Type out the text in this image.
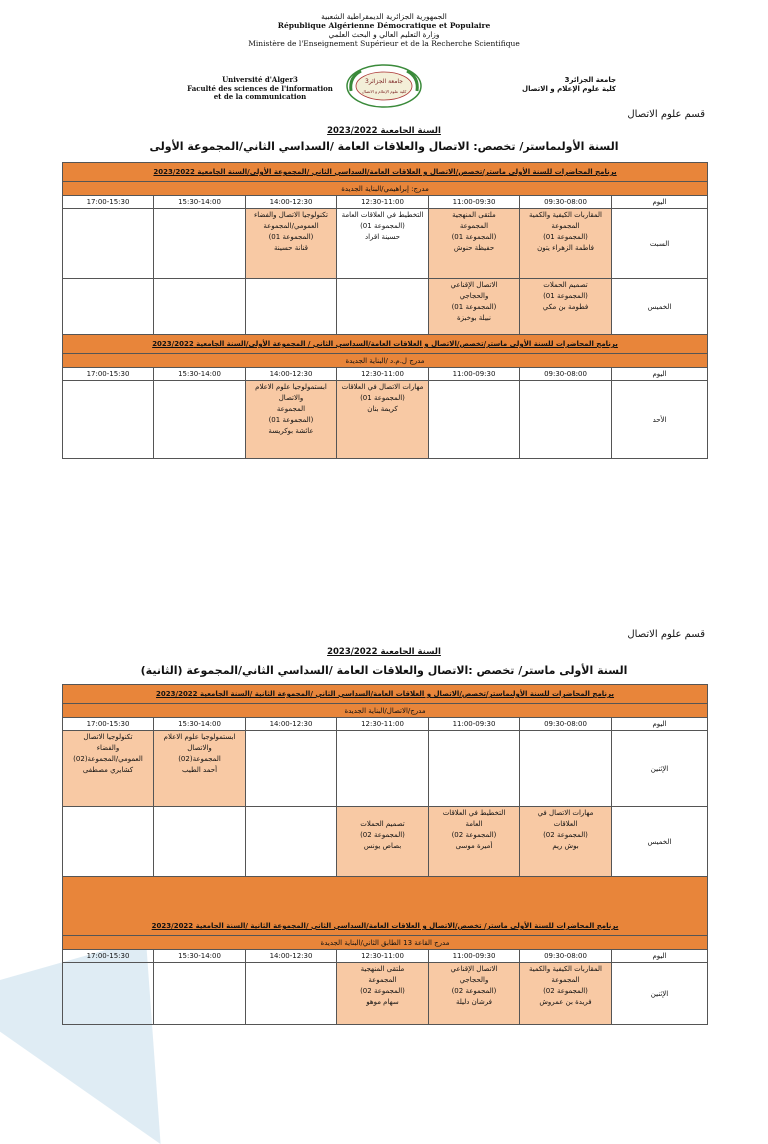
الجمهورية الجزائرية الديمقراطية الشعبية
République Algérienne Démocratique et Populaire
وزارة التعليم العالي و البحث العلمي
Ministère de l'Enseignement Supérieur et de la Recherche Scientifique
Université d'Alger3
Faculté des sciences de l'information
et de la communication
جامعة الجزائر3
كلية علوم الإعلام و الاتصال
جامعة الجزائر3
كلية علوم الإعلام و الاتصال
قسم علوم الاتصال
السنة الجامعية 2023/2022
السنة الأولىماستر/ تخصص: الاتصال والعلاقات العامة /السداسي الثاني/المجموعة الأولى
برنامج المحاضرات للسنة الأولى ماستر/تخصص/الاتصال و العلاقات العامة/السداسي الثاني /المجموعة الأولى/السنة الجامعية 2023/2022						
مدرج: إبراهيمي/البناية الجديدة						
17:00-15:30	15:30-14:00	14:00-12:30	12:30-11:00	11:00-09:30	09:30-08:00	اليوم

		تكنولوجيا الاتصال والفضاء
العمومي/المجموعة
(المجموعة 01)
قنانة حسينة	التخطيط في العلاقات العامة
(المجموعة 01)
حسينة اقراد	ملتقى المنهجية
المجموعة
(المجموعة 01)
حفيظة حنوش	المقاربات الكيفية والكمية
المجموعة
(المجموعة 01)
فاطمة الزهراء يتون	السبت

				الاتصال الإقناعي
والحجاجي
(المجموعة 01)
نبيلة بوخبزة	تصميم الحملات
(المجموعة 01)
فطومة بن مكي	الخميس
برنامج المحاضرات للسنة الأولى ماستر/تخصص/الاتصال و العلاقات العامة/السداسي الثاني / المجموعة الأولى/السنة الجامعية 2023/2022						
مدرج ل.م.د /البناية الجديدة						
17:00-15:30	15:30-14:00	14:00-12:30	12:30-11:00	11:00-09:30	09:30-08:00	اليوم

		ابستمولوجيا علوم الاعلام
والاتصال
المجموعة
(المجموعة 01)
عائشة بوكريسة	مهارات الاتصال في العلاقات
(المجموعة 01)
كريمة بنان			الأحد
قسم علوم الاتصال
السنة الجامعية 2023/2022
السنة الأولى ماستر/ تخصص :الاتصال والعلاقات العامة /السداسي الثاني/المجموعة (الثانية)
برنامج المحاضرات للسنة الأولىماستر/تخصص/الاتصال و العلاقات العامة/السداسي الثاني /المجموعة الثانية /السنة الجامعية 2023/2022						
مدرج/الاتصال/البناية الجديدة						
17:00-15:30	15:30-14:00	14:00-12:30	12:30-11:00	11:00-09:30	09:30-08:00	اليوم

تكنولوجيا الاتصال
والفضاء
العمومي/المجموعة(02)
كشايري مصطفى	ابستمولوجيا علوم الاعلام
والاتصال
المجموعة(02)
أحمد الطيب					الإثنين

			تصميم الحملات
(المجموعة 02)
بصاص يونس	التخطيط في العلاقات
العامة
(المجموعة 02)
أميرة موسى	مهارات الاتصال في
العلاقات
(المجموعة 02)
بوش ريم	الخميس

برنامج المحاضرات للسنة الأولى ماستر/ تخصص/الاتصال و العلاقات العامة/السداسي الثاني /المجموعة الثانية /السنة الجامعية 2023/2022						
مدرج القاعة 13 الطابق الثاني/البناية الجديدة						
17:00-15:30	15:30-14:00	14:00-12:30	12:30-11:00	11:00-09:30	09:30-08:00	اليوم

			ملتقى المنهجية
المجموعة
(المجموعة 02)
سهام موهو	الاتصال الإقناعي
والحجاجي
(المجموعة 02)
فرشان دليلة	المقاربات الكيفية والكمية
المجموعة
(المجموعة 02)
فريدة بن عمروش	الإثنين
